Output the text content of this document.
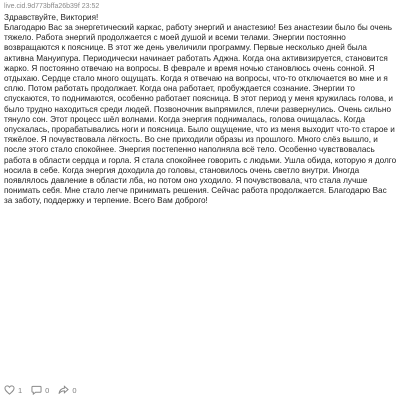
live.cid.9d773bffa26b39f 23:52
Здравствуйте, Виктория!
Благодарю Вас за энергетический каркас, работу энергий и анастезию! Без анастезии было бы очень тяжело. Работа энергий продолжается с моей душой и всеми телами. Энергии постоянно возвращаются к пояснице. В этот же день увеличили программу. Первые несколько дней была активна Мануипура. Периодически начинает работать Аджна. Когда она активизируется, становится жарко. Я постоянно отвечаю на вопросы. В феврале и время ночью становлюсь очень сонной. Я отдыхаю. Сердце стало много ощущать. Когда я отвечаю на вопросы, что-то отключается во мне и я сплю. Потом работать продолжает. Когда она работает, пробуждается сознание. Энергии то спускаются, то поднимаются, особенно работает поясница. В этот период у меня кружилась голова, и было трудно находиться среди людей. Позвоночник выпрямился, плечи развернулись. Очень сильно тянуло сон. Этот процесс шёл волнами. Когда энергия поднималась, голова очищалась. Когда опускалась, прорабатывались ноги и поясница. Было ощущение, что из меня выходит что-то старое и тяжёлое. Я почувствовала лёгкость. Во сне приходили образы из прошлого. Много слёз вышло, и после этого стало спокойнее. Энергия постепенно наполняла всё тело. Особенно чувствовалась работа в области сердца и горла. Я стала спокойнее говорить с людьми. Ушла обида, которую я долго носила в себе. Когда энергия доходила до головы, становилось очень светло внутри. Иногда появлялось давление в области лба, но потом оно уходило. Я почувствовала, что стала лучше понимать себя. Мне стало легче принимать решения. Сейчас работа продолжается. Благодарю Вас за заботу, поддержку и терпение. Всего Вам доброго!
1	0	0
